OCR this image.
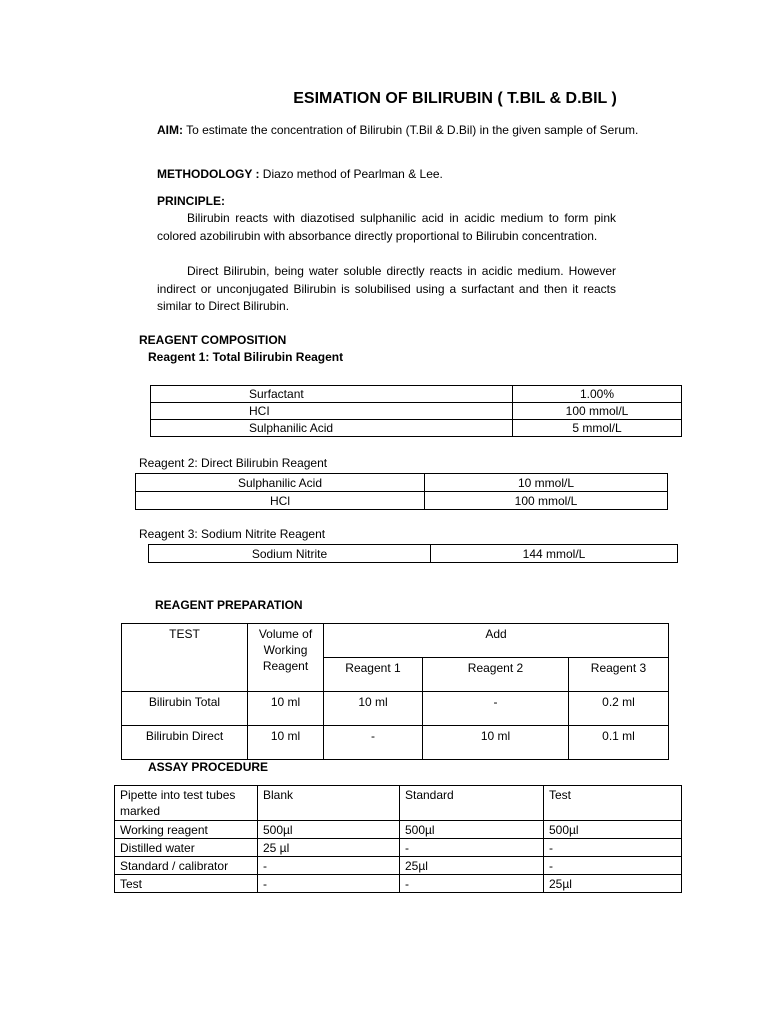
ESIMATION OF BILIRUBIN ( T.BIL & D.BIL )
AIM: To estimate the concentration of Bilirubin (T.Bil & D.Bil) in the given sample of Serum.
METHODOLOGY : Diazo method of Pearlman & Lee.
PRINCIPLE:
Bilirubin reacts with diazotised sulphanilic acid in acidic medium to form pink colored azobilirubin with absorbance directly proportional to Bilirubin concentration.
Direct Bilirubin, being water soluble directly reacts in acidic medium. However indirect or unconjugated Bilirubin is solubilised using a surfactant and then it reacts similar to Direct Bilirubin.
REAGENT COMPOSITION
Reagent 1: Total Bilirubin Reagent
Surfactant	1.00%
HCI	100 mmol/L
Sulphanilic Acid	5 mmol/L
Reagent 2: Direct Bilirubin Reagent
Sulphanilic Acid	10 mmol/L
HCl	100 mmol/L
Reagent 3: Sodium Nitrite Reagent
Sodium Nitrite	144 mmol/L
REAGENT PREPARATION
TEST	Volume of Working Reagent	Add		
		Reagent 1	Reagent 2	Reagent 3
Bilirubin Total	10 ml	10 ml	-	0.2 ml
Bilirubin Direct	10 ml	-	10 ml	0.1 ml
ASSAY PROCEDURE
Pipette into test tubes marked	Blank	Standard	Test
Working reagent	500µl	500µl	500µl
Distilled water	25 µl	-	-
Standard / calibrator	-	25µl	-
Test	-	-	25µl
